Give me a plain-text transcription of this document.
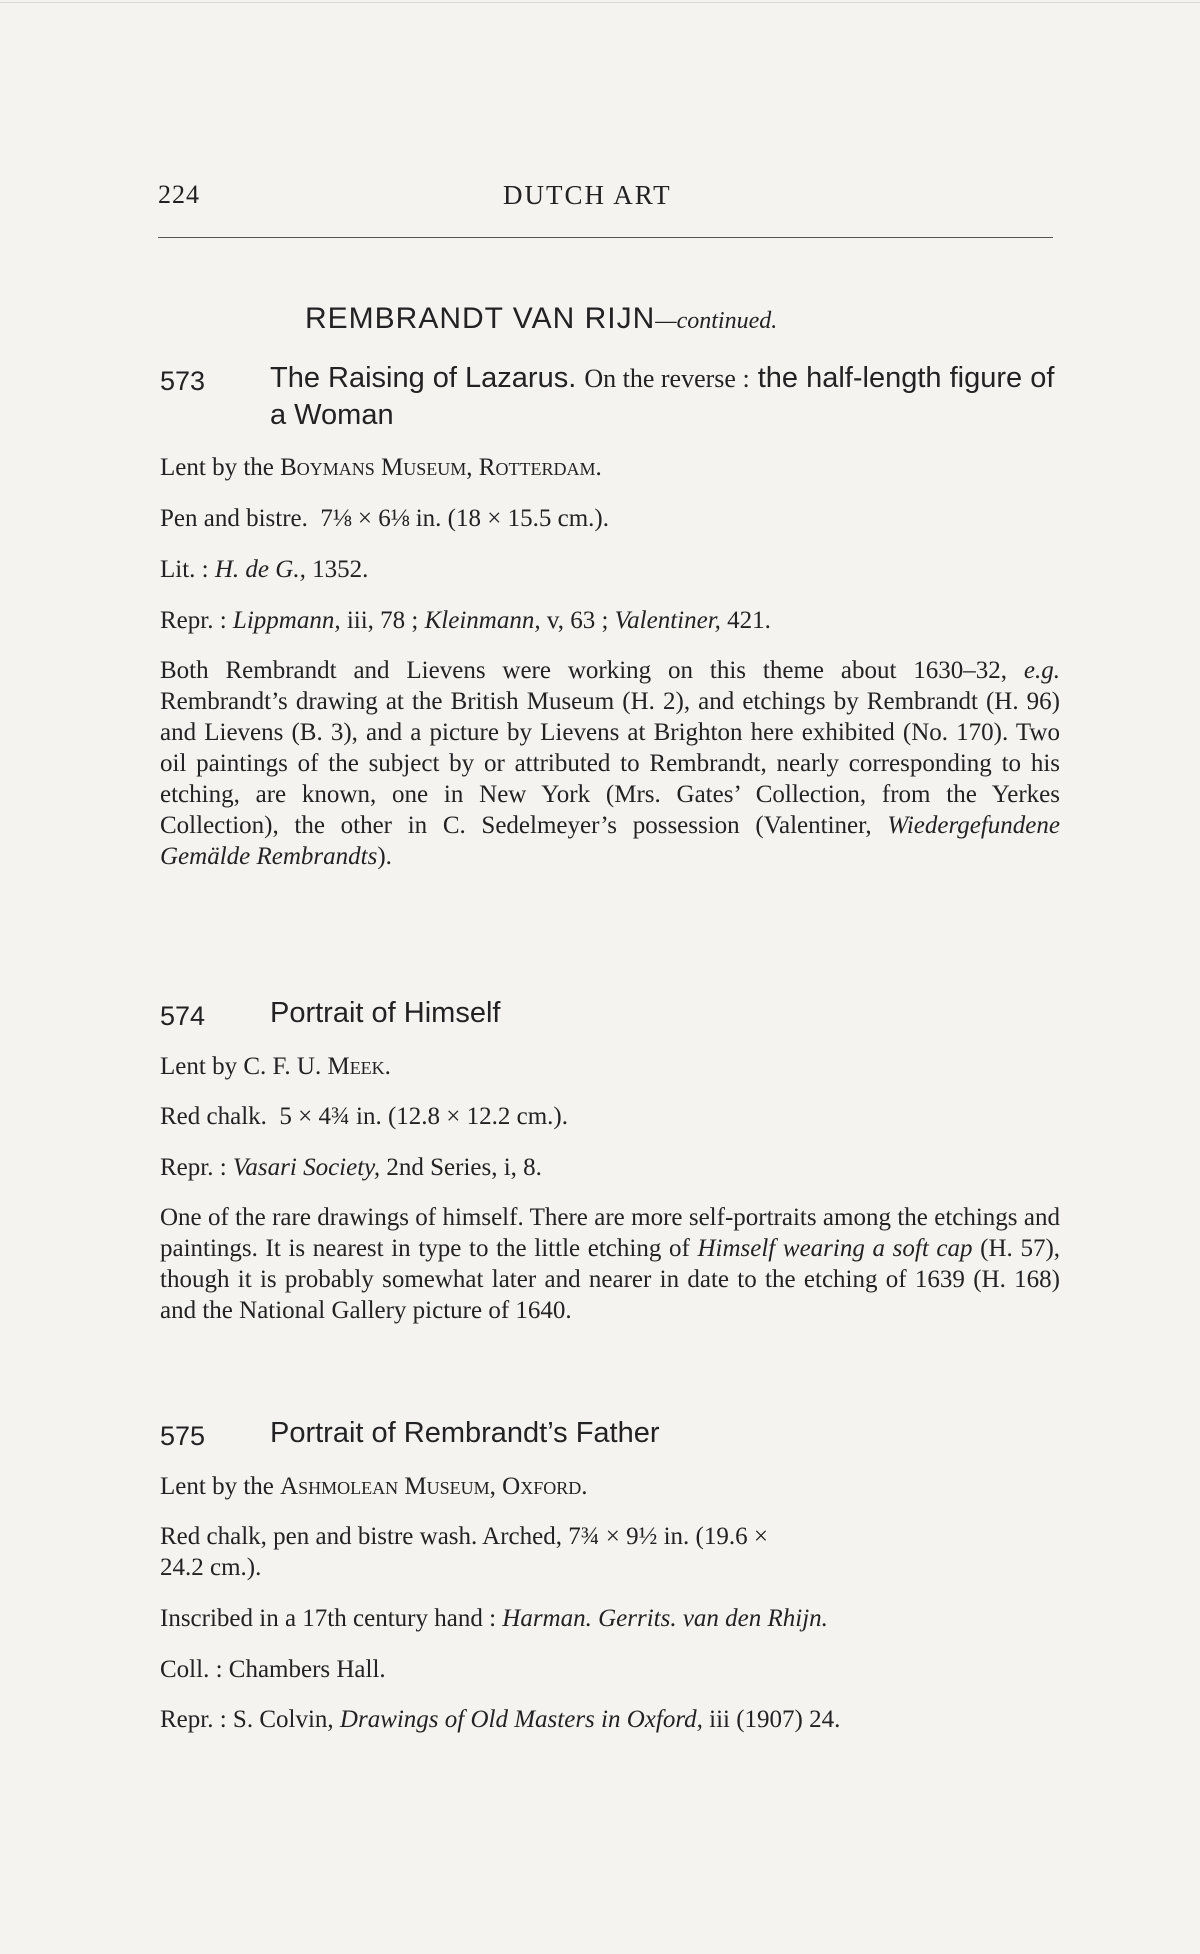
224	DUTCH ART
REMBRANDT VAN RIJN—continued.
573 The Raising of Lazarus. On the reverse : the half-length figure of a Woman
Lent by the Boymans Museum, Rotterdam.
Pen and bistre. 7⅛ × 6⅛ in. (18 × 15.5 cm.).
Lit. : H. de G., 1352.
Repr. : Lippmann, iii, 78 ; Kleinmann, v, 63 ; Valentiner, 421.
Both Rembrandt and Lievens were working on this theme about 1630–32, e.g. Rembrandt’s drawing at the British Museum (H. 2), and etchings by Rembrandt (H. 96) and Lievens (B. 3), and a picture by Lievens at Brighton here exhibited (No. 170). Two oil paintings of the subject by or attributed to Rembrandt, nearly corresponding to his etching, are known, one in New York (Mrs. Gates’ Collection, from the Yerkes Collection), the other in C. Sedelmeyer’s possession (Valentiner, Wiedergefundene Gemälde Rembrandts).
574 Portrait of Himself
Lent by C. F. U. Meek.
Red chalk. 5 × 4¾ in. (12.8 × 12.2 cm.).
Repr. : Vasari Society, 2nd Series, i, 8.
One of the rare drawings of himself. There are more self-portraits among the etchings and paintings. It is nearest in type to the little etching of Himself wearing a soft cap (H. 57), though it is probably somewhat later and nearer in date to the etching of 1639 (H. 168) and the National Gallery picture of 1640.
575 Portrait of Rembrandt’s Father
Lent by the Ashmolean Museum, Oxford.
Red chalk, pen and bistre wash. Arched, 7¾ × 9½ in. (19.6 ×
24.2 cm.).
Inscribed in a 17th century hand : Harman. Gerrits. van den Rhijn.
Coll. : Chambers Hall.
Repr. : S. Colvin, Drawings of Old Masters in Oxford, iii (1907) 24.
